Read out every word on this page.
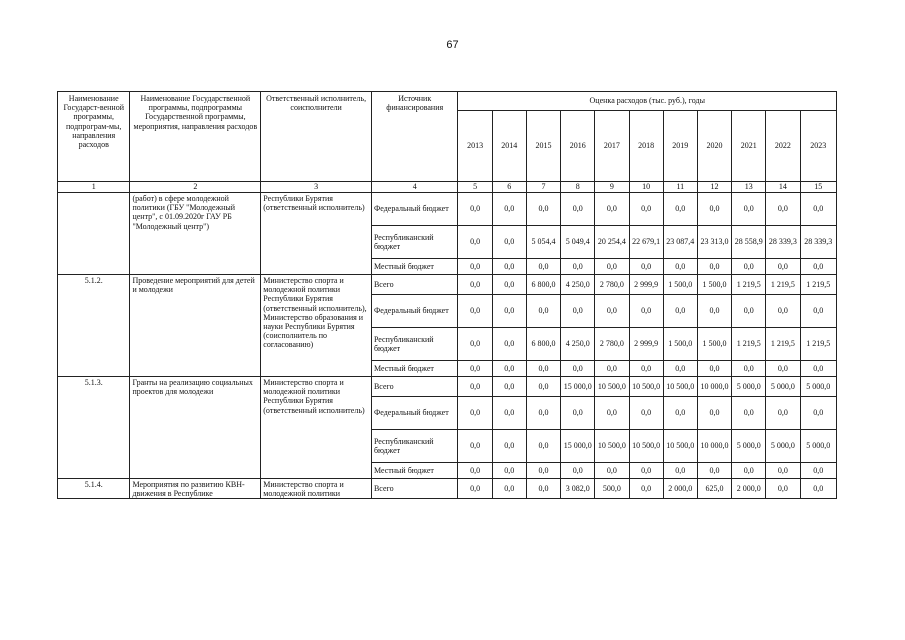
67
Наименование Государст-венной программы, подпрограм-мы, направления расходов	Наименование Государственной программы, подпрограммы Государственной программы, мероприятия, направления расходов	Ответственный исполнитель, соисполнители	Источник финансирования	Оценка расходов (тыс. руб.), годы										
				2013	2014	2015	2016	2017	2018	2019	2020	2021	2022	2023
1	2	3	4	5	6	7	8	9	10	11	12	13	14	15
	(работ) в сфере молодежной политики (ГБУ "Молодежный центр", с 01.09.2020г ГАУ РБ "Молодежный центр")	Республики Бурятия (ответственный исполнитель)	Федеральный бюджет	0,0	0,0	0,0	0,0	0,0	0,0	0,0	0,0	0,0	0,0	0,0
			Республиканский бюджет	0,0	0,0	5 054,4	5 049,4	20 254,4	22 679,1	23 087,4	23 313,0	28 558,9	28 339,3	28 339,3
			Местный бюджет	0,0	0,0	0,0	0,0	0,0	0,0	0,0	0,0	0,0	0,0	0,0
5.1.2.	Проведение мероприятий для детей и молодежи	Министерство спорта и молодежной политики Республики Бурятия (ответственный исполнитель), Министерство образования и науки Республики Бурятия (соисполнитель по согласованию)	Всего	0,0	0,0	6 800,0	4 250,0	2 780,0	2 999,9	1 500,0	1 500,0	1 219,5	1 219,5	1 219,5
			Федеральный бюджет	0,0	0,0	0,0	0,0	0,0	0,0	0,0	0,0	0,0	0,0	0,0
			Республиканский бюджет	0,0	0,0	6 800,0	4 250,0	2 780,0	2 999,9	1 500,0	1 500,0	1 219,5	1 219,5	1 219,5
			Местный бюджет	0,0	0,0	0,0	0,0	0,0	0,0	0,0	0,0	0,0	0,0	0,0
5.1.3.	Гранты на реализацию социальных проектов для молодежи	Министерство спорта и молодежной политики Республики Бурятия (ответственный исполнитель)	Всего	0,0	0,0	0,0	15 000,0	10 500,0	10 500,0	10 500,0	10 000,0	5 000,0	5 000,0	5 000,0
			Федеральный бюджет	0,0	0,0	0,0	0,0	0,0	0,0	0,0	0,0	0,0	0,0	0,0
			Республиканский бюджет	0,0	0,0	0,0	15 000,0	10 500,0	10 500,0	10 500,0	10 000,0	5 000,0	5 000,0	5 000,0
			Местный бюджет	0,0	0,0	0,0	0,0	0,0	0,0	0,0	0,0	0,0	0,0	0,0
5.1.4.	Мероприятия по развитию КВН-движения в Республике	Министерство спорта и молодежной политики	Всего	0,0	0,0	0,0	3 082,0	500,0	0,0	2 000,0	625,0	2 000,0	0,0	0,0
